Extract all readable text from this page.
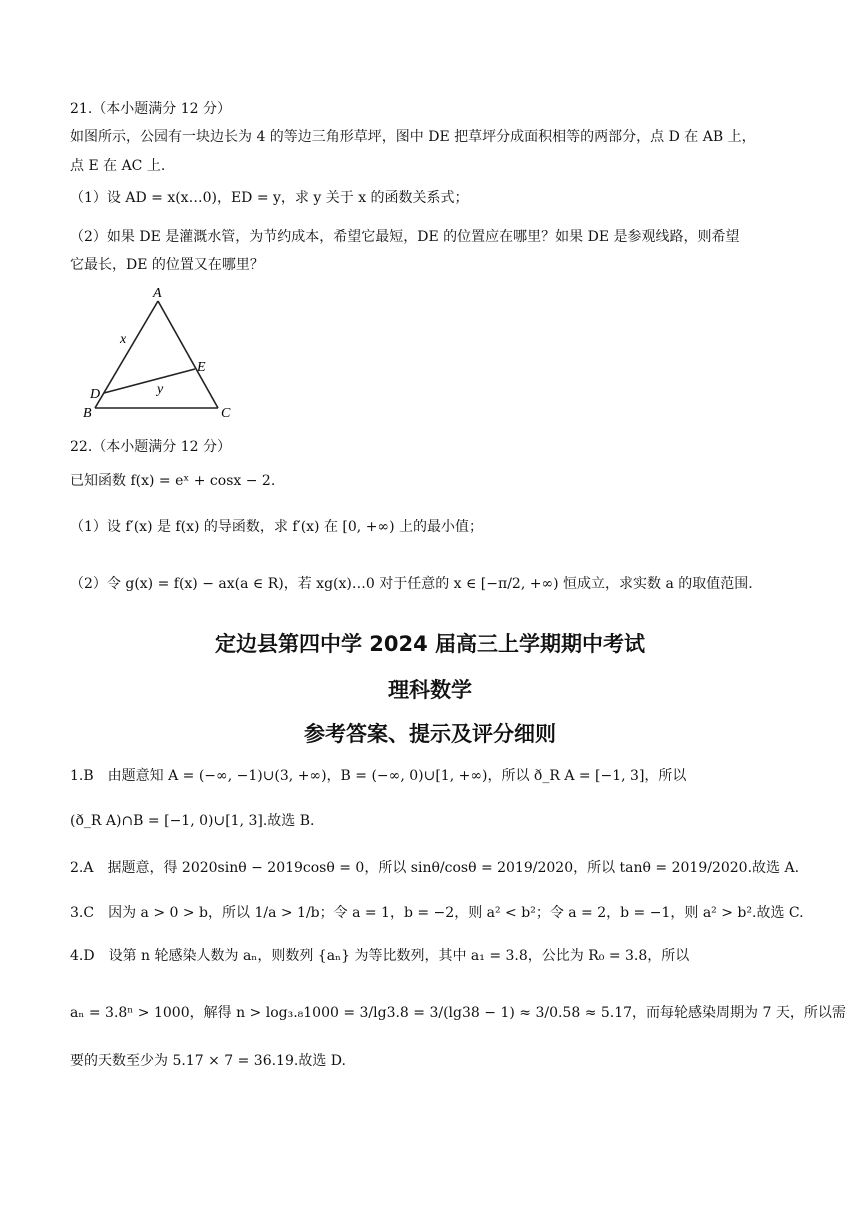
21.（本小题满分 12 分）
如图所示，公园有一块边长为 4 的等边三角形草坪，图中 DE 把草坪分成面积相等的两部分，点 D 在 AB 上，
点 E 在 AC 上.
（1）设 AD = x(x…0)，ED = y，求 y 关于 x 的函数关系式；
（2）如果 DE 是灌溉水管，为节约成本，希望它最短，DE 的位置应在哪里？如果 DE 是参观线路，则希望
它最长，DE 的位置又在哪里？
A
B	C
D
E
x
y
22.（本小题满分 12 分）
已知函数 f(x) = eˣ + cosx − 2.
（1）设 f′(x) 是 f(x) 的导函数，求 f′(x) 在 [0, +∞) 上的最小值；
（2）令 g(x) = f(x) − ax(a ∈ R)，若 xg(x)…0 对于任意的 x ∈ [−π/2, +∞) 恒成立，求实数 a 的取值范围.
定边县第四中学 2024 届高三上学期期中考试
理科数学
参考答案、提示及评分细则
1.B　由题意知 A = (−∞, −1)∪(3, +∞)，B = (−∞, 0)∪[1, +∞)，所以 ð_R A = [−1, 3]，所以
(ð_R A)∩B = [−1, 0)∪[1, 3].故选 B.
2.A　据题意，得 2020sinθ − 2019cosθ = 0，所以 sinθ/cosθ = 2019/2020，所以 tanθ = 2019/2020.故选 A.
3.C　因为 a > 0 > b，所以 1/a > 1/b；令 a = 1，b = −2，则 a² < b²；令 a = 2，b = −1，则 a² > b².故选 C.
4.D　设第 n 轮感染人数为 aₙ，则数列 {aₙ} 为等比数列，其中 a₁ = 3.8，公比为 R₀ = 3.8，所以
aₙ = 3.8ⁿ > 1000，解得 n > log₃.₈1000 = 3/lg3.8 = 3/(lg38 − 1) ≈ 3/0.58 ≈ 5.17，而每轮感染周期为 7 天，所以需
要的天数至少为 5.17 × 7 = 36.19.故选 D.
